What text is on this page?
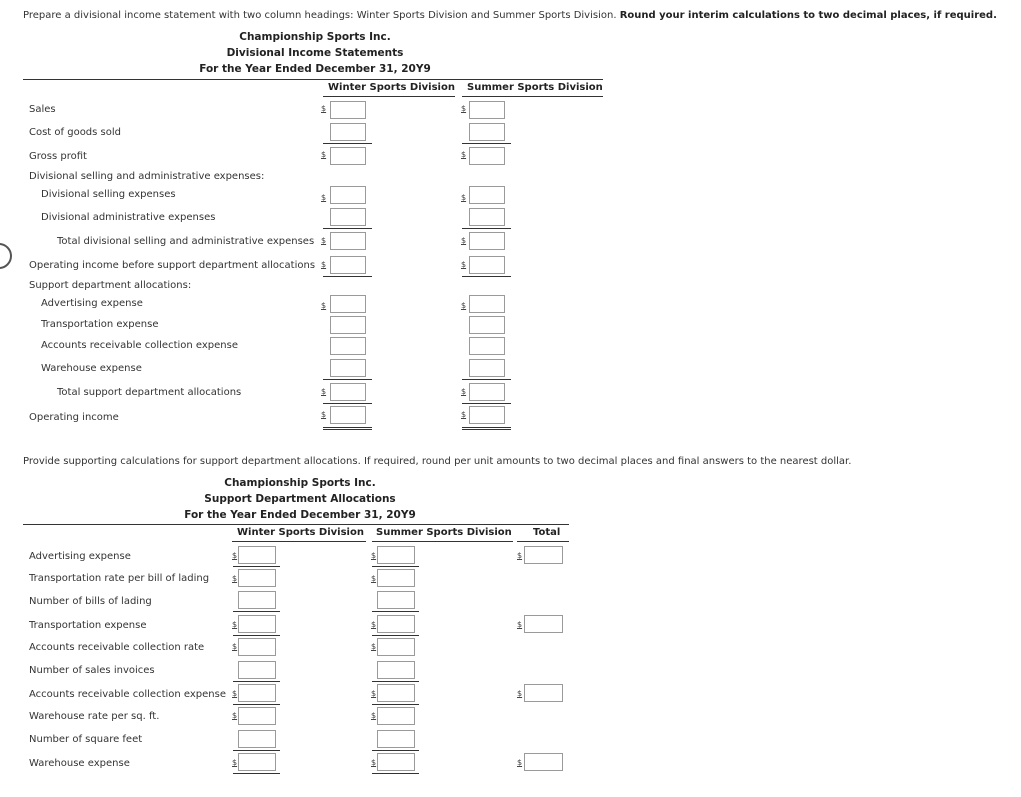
Prepare a divisional income statement with two column headings: Winter Sports Division and Summer Sports Division. Round your interim calculations to two decimal places, if required.
Championship Sports Inc.
Divisional Income Statements
For the Year Ended December 31, 20Y9
Winter Sports Division Summer Sports Division
Sales
Cost of goods sold
Gross profit
Divisional selling and administrative expenses:
Divisional selling expenses
Divisional administrative expenses
Total divisional selling and administrative expenses
Operating income before support department allocations
Support department allocations:
Advertising expense
Transportation expense
Accounts receivable collection expense
Warehouse expense
Total support department allocations
Operating income
$
$
$
$
$
$
$
$
$
$
$
$
$
$
$
$
Provide supporting calculations for support department allocations. If required, round per unit amounts to two decimal places and final answers to the nearest dollar.
Championship Sports Inc.
Support Department Allocations
For the Year Ended December 31, 20Y9
Winter Sports Division Summer Sports Division Total
Advertising expense
Transportation rate per bill of lading
Number of bills of lading
Transportation expense
Accounts receivable collection rate
Number of sales invoices
Accounts receivable collection expense
Warehouse rate per sq. ft.
Number of square feet
Warehouse expense
$
$
$
$
$
$
$
$
$
$
$
$
$
$
$
$
$
$
